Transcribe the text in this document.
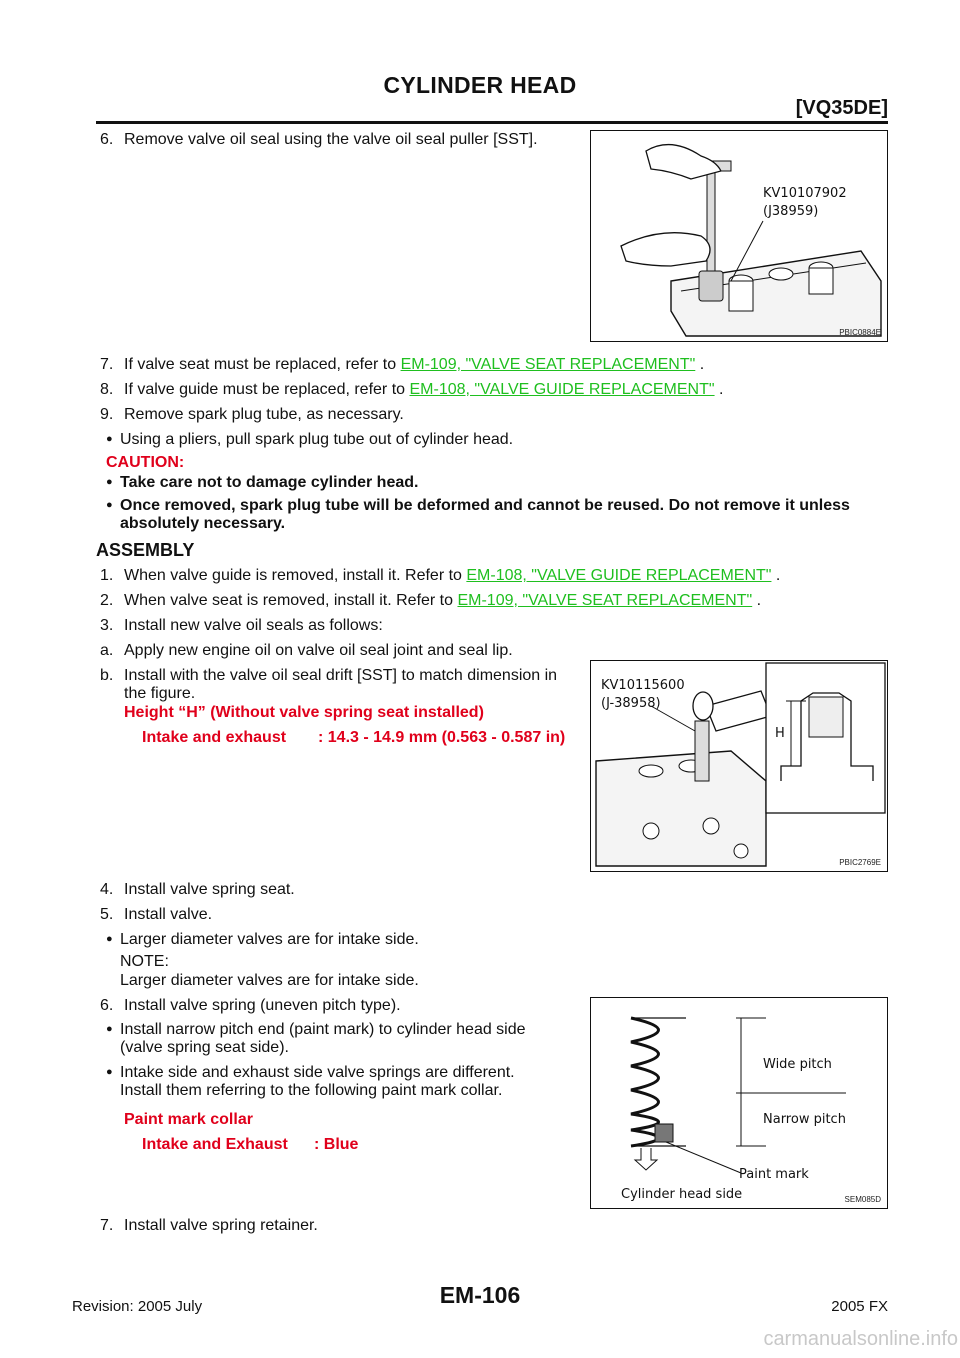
CYLINDER HEAD
[VQ35DE]
6. Remove valve oil seal using the valve oil seal puller [SST].
7. If valve seat must be replaced, refer to EM-109, "VALVE SEAT REPLACEMENT" .
8. If valve guide must be replaced, refer to EM-108, "VALVE GUIDE REPLACEMENT" .
9. Remove spark plug tube, as necessary.
● Using a pliers, pull spark plug tube out of cylinder head.
CAUTION:
● Take care not to damage cylinder head.
● Once removed, spark plug tube will be deformed and cannot be reused. Do not remove it unless
absolutely necessary.
ASSEMBLY
1. When valve guide is removed, install it. Refer to EM-108, "VALVE GUIDE REPLACEMENT" .
2. When valve seat is removed, install it. Refer to EM-109, "VALVE SEAT REPLACEMENT" .
3. Install new valve oil seals as follows:
a. Apply new engine oil on valve oil seal joint and seal lip.
b. Install with the valve oil seal drift [SST] to match dimension in
the figure.
Height “H” (Without valve spring seat installed)
Intake and exhaust : 14.3 - 14.9 mm (0.563 - 0.587 in)
4. Install valve spring seat.
5. Install valve.
● Larger diameter valves are for intake side.
NOTE:
Larger diameter valves are for intake side.
6. Install valve spring (uneven pitch type).
● Install narrow pitch end (paint mark) to cylinder head side
(valve spring seat side).
● Intake side and exhaust side valve springs are different.
Install them referring to the following paint mark collar.
Paint mark collar
Intake and Exhaust : Blue
7. Install valve spring retainer.
KV10107902
(J38959)
PBIC0884E
KV10115600
(J-38958)
H
PBIC2769E
Wide pitch
Narrow pitch
Paint mark
Cylinder head side	SEM085D
EM-106
Revision: 2005 July	2005 FX
carmanualsonline.info
